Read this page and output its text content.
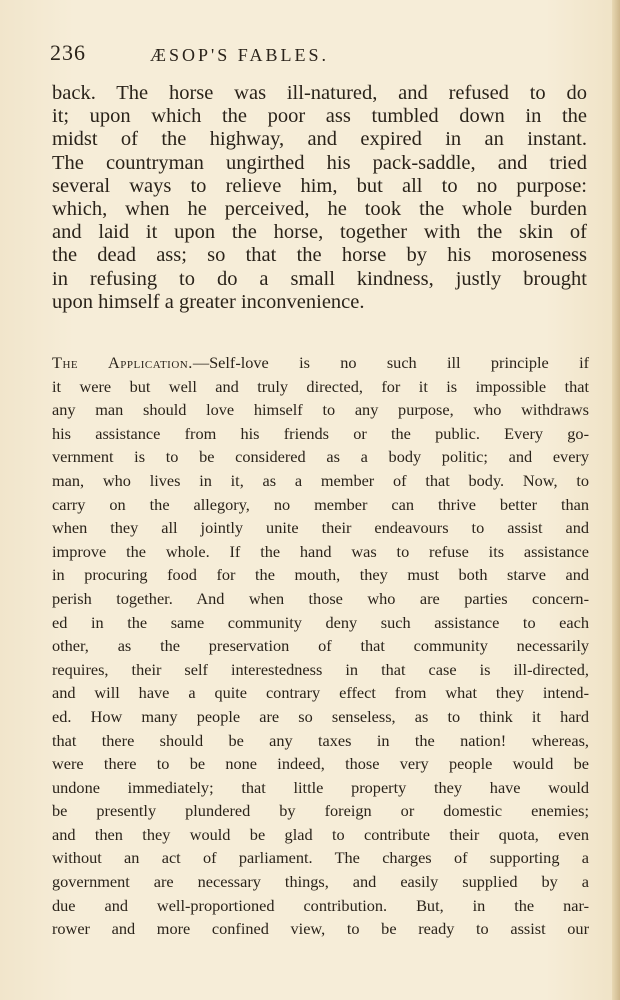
236	ÆSOP'S FABLES.
back. The horse was ill-natured, and refused to do
it; upon which the poor ass tumbled down in the
midst of the highway, and expired in an instant.
The countryman ungirthed his pack-saddle, and tried
several ways to relieve him, but all to no purpose:
which, when he perceived, he took the whole burden
and laid it upon the horse, together with the skin of
the dead ass; so that the horse by his moroseness
in refusing to do a small kindness, justly brought
upon himself a greater inconvenience.
The Application.—Self-love is no such ill principle if
it were but well and truly directed, for it is impossible that
any man should love himself to any purpose, who withdraws
his assistance from his friends or the public. Every go-
vernment is to be considered as a body politic; and every
man, who lives in it, as a member of that body. Now, to
carry on the allegory, no member can thrive better than
when they all jointly unite their endeavours to assist and
improve the whole. If the hand was to refuse its assistance
in procuring food for the mouth, they must both starve and
perish together. And when those who are parties concern-
ed in the same community deny such assistance to each
other, as the preservation of that community necessarily
requires, their self interestedness in that case is ill-directed,
and will have a quite contrary effect from what they intend-
ed. How many people are so senseless, as to think it hard
that there should be any taxes in the nation! whereas,
were there to be none indeed, those very people would be
undone immediately; that little property they have would
be presently plundered by foreign or domestic enemies;
and then they would be glad to contribute their quota, even
without an act of parliament. The charges of supporting a
government are necessary things, and easily supplied by a
due and well-proportioned contribution. But, in the nar-
rower and more confined view, to be ready to assist our
